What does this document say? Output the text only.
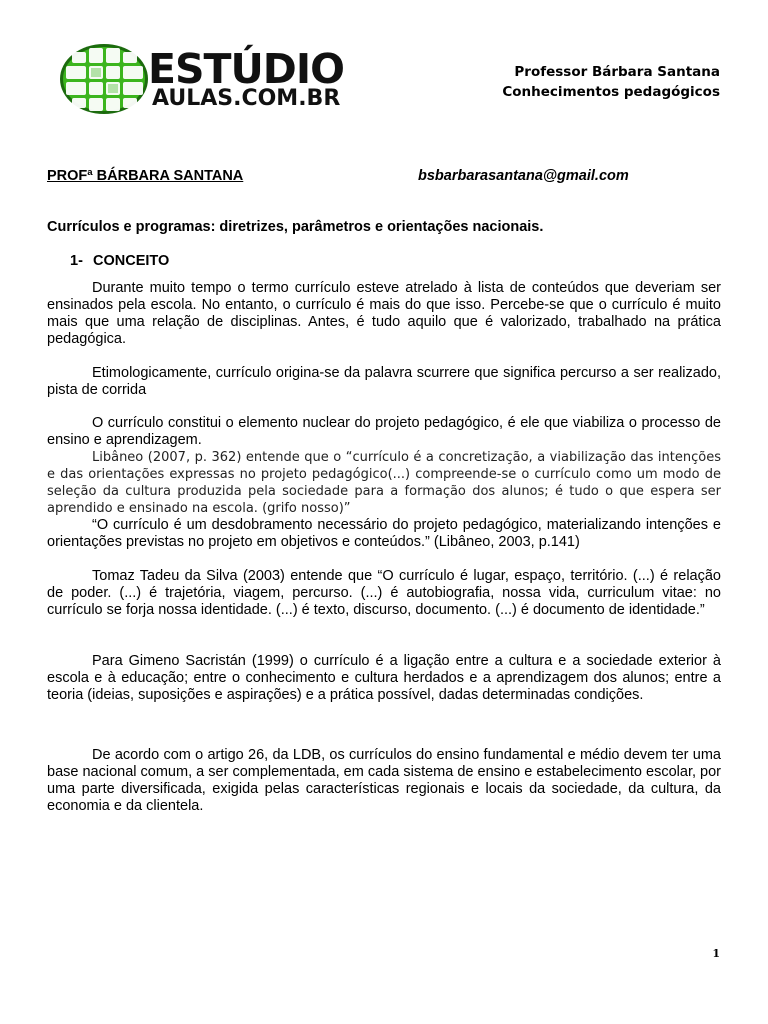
ESTÚDIO
AULAS.COM.BR
Professor Bárbara Santana
Conhecimentos pedagógicos
PROFª BÁRBARA SANTANA	bsbarbarasantana@gmail.com
Currículos e programas: diretrizes, parâmetros e orientações nacionais.
1- CONCEITO

Durante muito tempo o termo currículo esteve atrelado à lista de conteúdos que deveriam ser ensinados pela escola. No entanto, o currículo é mais do que isso. Percebe-se que o currículo é muito mais que uma relação de disciplinas. Antes, é tudo aquilo que é valorizado, trabalhado na prática pedagógica.

Etimologicamente, currículo origina-se da palavra scurrere que significa percurso a ser realizado, pista de corrida

O currículo constitui o elemento nuclear do projeto pedagógico, é ele que viabiliza o processo de ensino e aprendizagem.

Libâneo (2007, p. 362) entende que o “currículo é a concretização, a viabilização das intenções e das orientações expressas no projeto pedagógico(...) compreende-se o currículo como um modo de seleção da cultura produzida pela sociedade para a formação dos alunos; é tudo o que espera ser aprendido e ensinado na escola. (grifo nosso)”

“O currículo é um desdobramento necessário do projeto pedagógico, materializando intenções e orientações previstas no projeto em objetivos e conteúdos.” (Libâneo, 2003, p.141)

Tomaz Tadeu da Silva (2003) entende que “O currículo é lugar, espaço, território. (...) é relação de poder. (...) é trajetória, viagem, percurso. (...) é autobiografia, nossa vida, curriculum vitae: no currículo se forja nossa identidade. (...) é texto, discurso, documento. (...) é documento de identidade.”

Para Gimeno Sacristán (1999) o currículo é a ligação entre a cultura e a sociedade exterior à escola e à educação; entre o conhecimento e cultura herdados e a aprendizagem dos alunos; entre a teoria (ideias, suposições e aspirações) e a prática possível, dadas determinadas condições.

De acordo com o artigo 26, da LDB, os currículos do ensino fundamental e médio devem ter uma base nacional comum, a ser complementada, em cada sistema de ensino e estabelecimento escolar, por uma parte diversificada, exigida pelas características regionais e locais da sociedade, da cultura, da economia e da clientela.

1
